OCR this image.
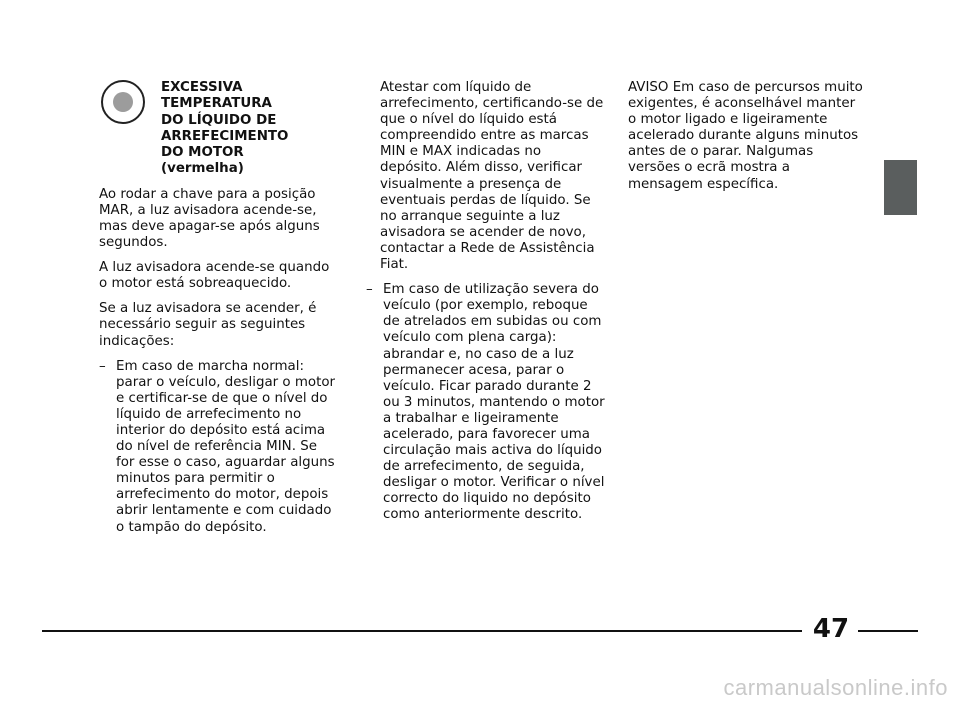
EXCESSIVA
TEMPERATURA
DO LÍQUIDO DE
ARREFECIMENTO
DO MOTOR
(vermelha)

Ao rodar a chave para a posição MAR, a luz avisadora acende-se, mas deve apagar-se após alguns segundos.

A luz avisadora acende-se quando o motor está sobreaquecido.

Se a luz avisadora se acender, é necessário seguir as seguintes indicações:

– Em caso de marcha normal: parar o veículo, desligar o motor e certificar-se de que o nível do líquido de arrefecimento no interior do depósito está acima do nível de referência MIN. Se for esse o caso, aguardar alguns minutos para permitir o arrefecimento do motor, depois abrir lentamente e com cuidado o tampão do depósito.
Atestar com líquido de arrefecimento, certificando-se de que o nível do líquido está compreendido entre as marcas MIN e MAX indicadas no depósito. Além disso, verificar visualmente a presença de eventuais perdas de líquido. Se no arranque seguinte a luz avisadora se acender de novo, contactar a Rede de Assistência Fiat.
– Em caso de utilização severa do veículo (por exemplo, reboque de atrelados em subidas ou com veículo com plena carga): abrandar e, no caso de a luz permanecer acesa, parar o veículo. Ficar parado durante 2 ou 3 minutos, mantendo o motor a trabalhar e ligeiramente acelerado, para favorecer uma circulação mais activa do líquido de arrefecimento, de seguida, desligar o motor. Verificar o nível correcto do liquido no depósito como anteriormente descrito.

AVISO Em caso de percursos muito exigentes, é aconselhável manter o motor ligado e ligeiramente acelerado durante alguns minutos antes de o parar. Nalgumas versões o ecrã mostra a mensagem específica.

47
carmanualsonline.info
